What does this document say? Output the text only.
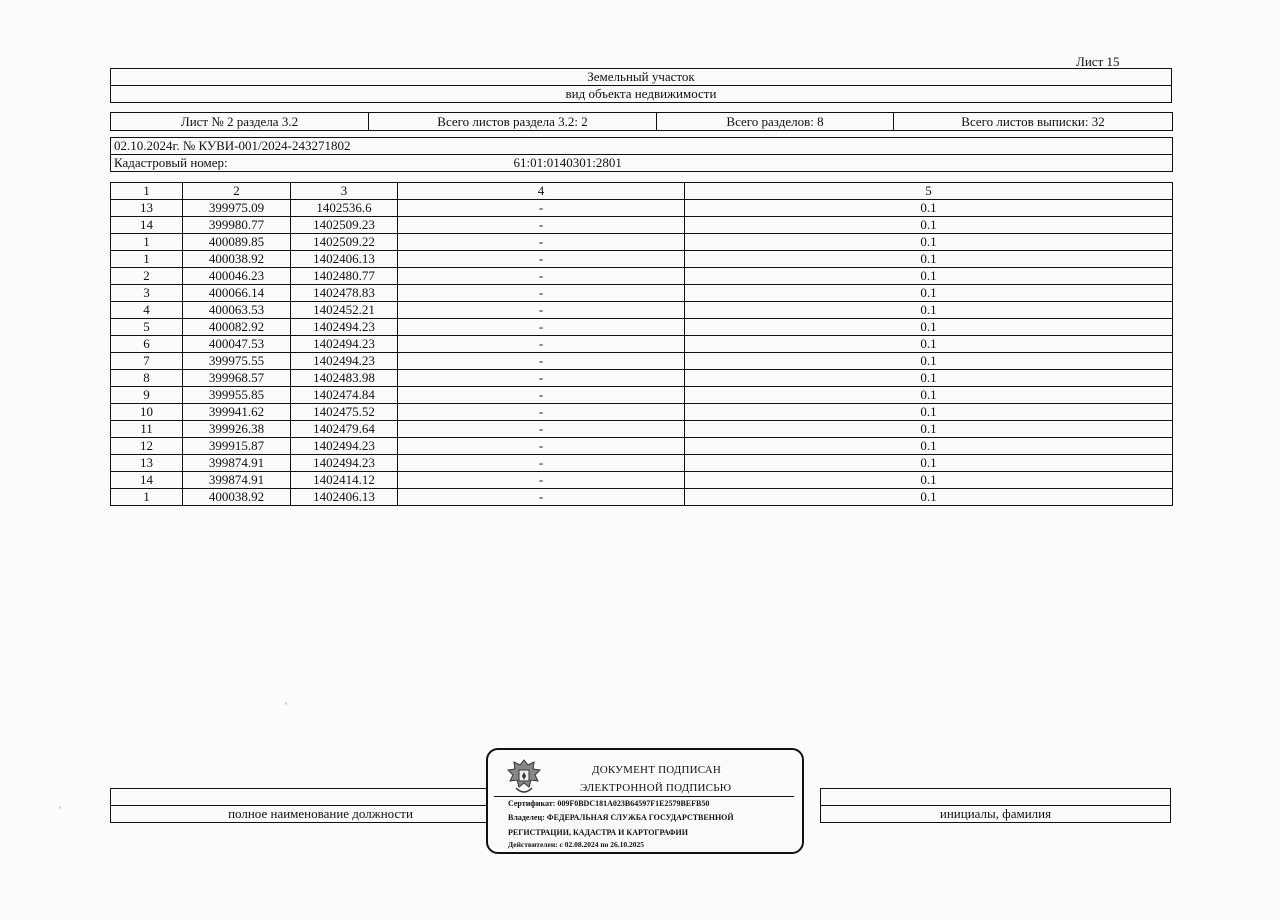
Лист 15
Земельный участок
вид объекта недвижимости
Лист № 2 раздела 3.2	Всего листов раздела 3.2: 2	Всего разделов: 8	Всего листов выписки: 32
02.10.2024г. № КУВИ-001/2024-243271802
Кадастровый номер:	61:01:0140301:2801
1	2	3	4	5
13	399975.09	1402536.6	-	0.1
14	399980.77	1402509.23	-	0.1
1	400089.85	1402509.22	-	0.1
1	400038.92	1402406.13	-	0.1
2	400046.23	1402480.77	-	0.1
3	400066.14	1402478.83	-	0.1
4	400063.53	1402452.21	-	0.1
5	400082.92	1402494.23	-	0.1
6	400047.53	1402494.23	-	0.1
7	399975.55	1402494.23	-	0.1
8	399968.57	1402483.98	-	0.1
9	399955.85	1402474.84	-	0.1
10	399941.62	1402475.52	-	0.1
11	399926.38	1402479.64	-	0.1
12	399915.87	1402494.23	-	0.1
13	399874.91	1402494.23	-	0.1
14	399874.91	1402414.12	-	0.1
1	400038.92	1402406.13	-	0.1
ˈ

полное наименование должности		инициалы, фамилия
ДОКУМЕНТ ПОДПИСАН
ЭЛЕКТРОННОЙ ПОДПИСЬЮ
Сертификат: 009F0BDC181A023B64597F1E2579BEFB50
Владелец: ФЕДЕРАЛЬНАЯ СЛУЖБА ГОСУДАРСТВЕННОЙ
РЕГИСТРАЦИИ, КАДАСТРА И КАРТОГРАФИИ
Действителен: с 02.08.2024 по 26.10.2025
ˈ
